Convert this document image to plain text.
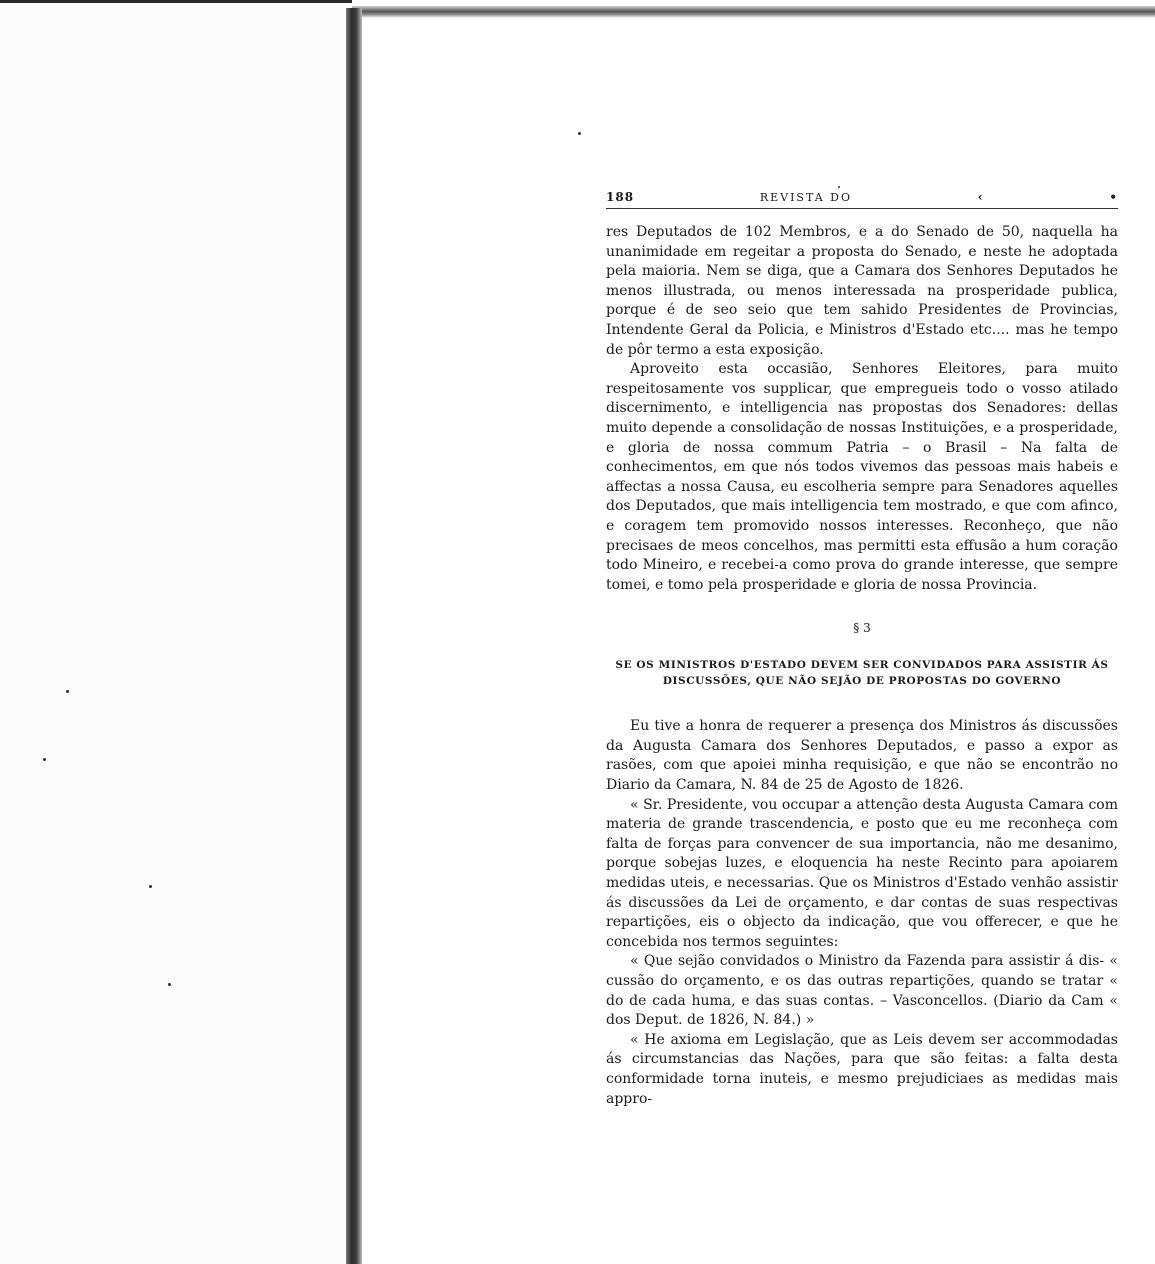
188	REVISTA DO	‹	•

res Deputados de 102 Membros, e a do Senado de 50, naquella ha unanimidade em regeitar a proposta do Senado, e neste he adoptada pela maioria. Nem se diga, que a Camara dos Senhores Deputados he menos illustrada, ou menos interessada na prosperidade publica, porque é de seo seio que tem sahido Presidentes de Provincias, Intendente Geral da Policia, e Ministros d'Estado etc.... mas he tempo de pôr termo a esta exposição.

Aproveito esta occasião, Senhores Eleitores, para muito respeitosamente vos supplicar, que empregueis todo o vosso atilado discernimento, e intelligencia nas propostas dos Senadores: dellas muito depende a consolidação de nossas Instituições, e a prosperidade, e gloria de nossa commum Patria – o Brasil – Na falta de conhecimentos, em que nós todos vivemos das pessoas mais habeis e affectas a nossa Causa, eu escolheria sempre para Senadores aquelles dos Deputados, que mais intelligencia tem mostrado, e que com afinco, e coragem tem promovido nossos interesses. Reconheço, que não precisaes de meos concelhos, mas permitti esta effusão a hum coração todo Mineiro, e recebei-a como prova do grande interesse, que sempre tomei, e tomo pela prosperidade e gloria de nossa Provincia.

§ 3
SE OS MINISTROS D'ESTADO DEVEM SER CONVIDADOS PARA ASSISTIR ÁS
DISCUSSÕES, QUE NÃO SEJÃO DE PROPOSTAS DO GOVERNO

Eu tive a honra de requerer a presença dos Ministros ás discussões da Augusta Camara dos Senhores Deputados, e passo a expor as rasões, com que apoiei minha requisição, e que não se encontrão no Diario da Camara, N. 84 de 25 de Agosto de 1826.

« Sr. Presidente, vou occupar a attenção desta Augusta Camara com materia de grande trascendencia, e posto que eu me reconheça com falta de forças para convencer de sua importancia, não me desanimo, porque sobejas luzes, e eloquencia ha neste Recinto para apoiarem medidas uteis, e necessarias. Que os Ministros d'Estado venhão assistir ás discussões da Lei de orçamento, e dar contas de suas respectivas repartições, eis o objecto da indicação, que vou offerecer, e que he concebida nos termos seguintes:

« Que sejão convidados o Ministro da Fazenda para assistir á dis- « cussão do orçamento, e os das outras repartições, quando se tratar « do de cada huma, e das suas contas. – Vasconcellos. (Diario da Cam « dos Deput. de 1826, N. 84.) »

« He axioma em Legislação, que as Leis devem ser accommodadas ás circumstancias das Nações, para que são feitas: a falta desta conformidade torna inuteis, e mesmo prejudiciaes as medidas mais appro-
